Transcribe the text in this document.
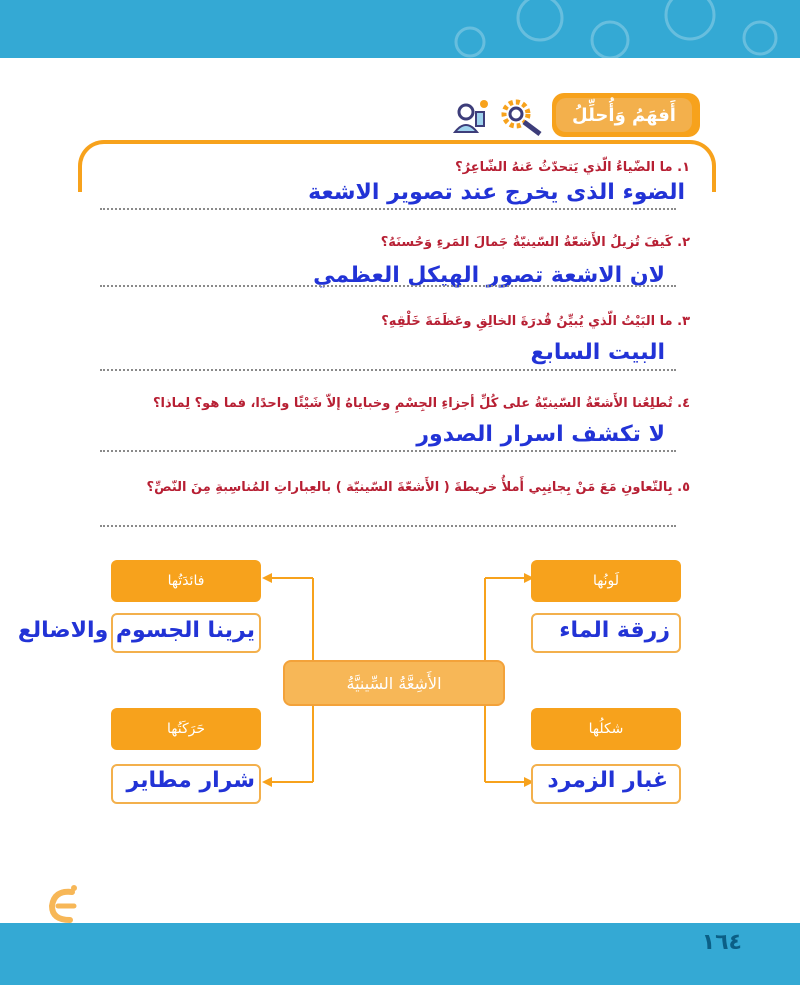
أَفهَمُ وَأُحلِّلُ
١. ما الضّياءُ الّذي يَتحدّثُ عَنهُ الشّاعِرُ؟
الضوء الذى يخرج عند تصوير الاشعة
٢. كَيفَ تُزيلُ الأَشعّةُ السّينيّةُ جَمالَ المَرءِ وَحُسنَهُ؟
لان الاشعة تصور الهيكل العظمي
٣. ما البَيْتُ الّذي يُبيِّنُ قُدرَةَ الخالِقِ وعَظَمَةَ خَلْقِهِ؟
البيت السابع
٤. تُطلِعُنا الأَشعّةُ السّينيّةُ على كُلِّ أجزاءِ الجِسْمِ وخباياهُ إلاّ شَيْئًا واحدًا، فما هو؟ لِماذا؟
لا تكشف اسرار الصدور
٥. بِالتّعاونِ مَعَ مَنْ بِجانِبِي أَملأُ خريطةَ ( الأَشعّةَ السّينيّة ) بالعِباراتِ المُناسِبةِ مِنَ النّصِّ؟
لَونُها
زرقة الماء
فائدَتُها
يرينا الجسوم والاضالع
الأَشِعَّةُ السِّينيَّةُ
شكلُها
غبار الزمرد
حَرَكَتُها
شرار مطاير
١٦٤
